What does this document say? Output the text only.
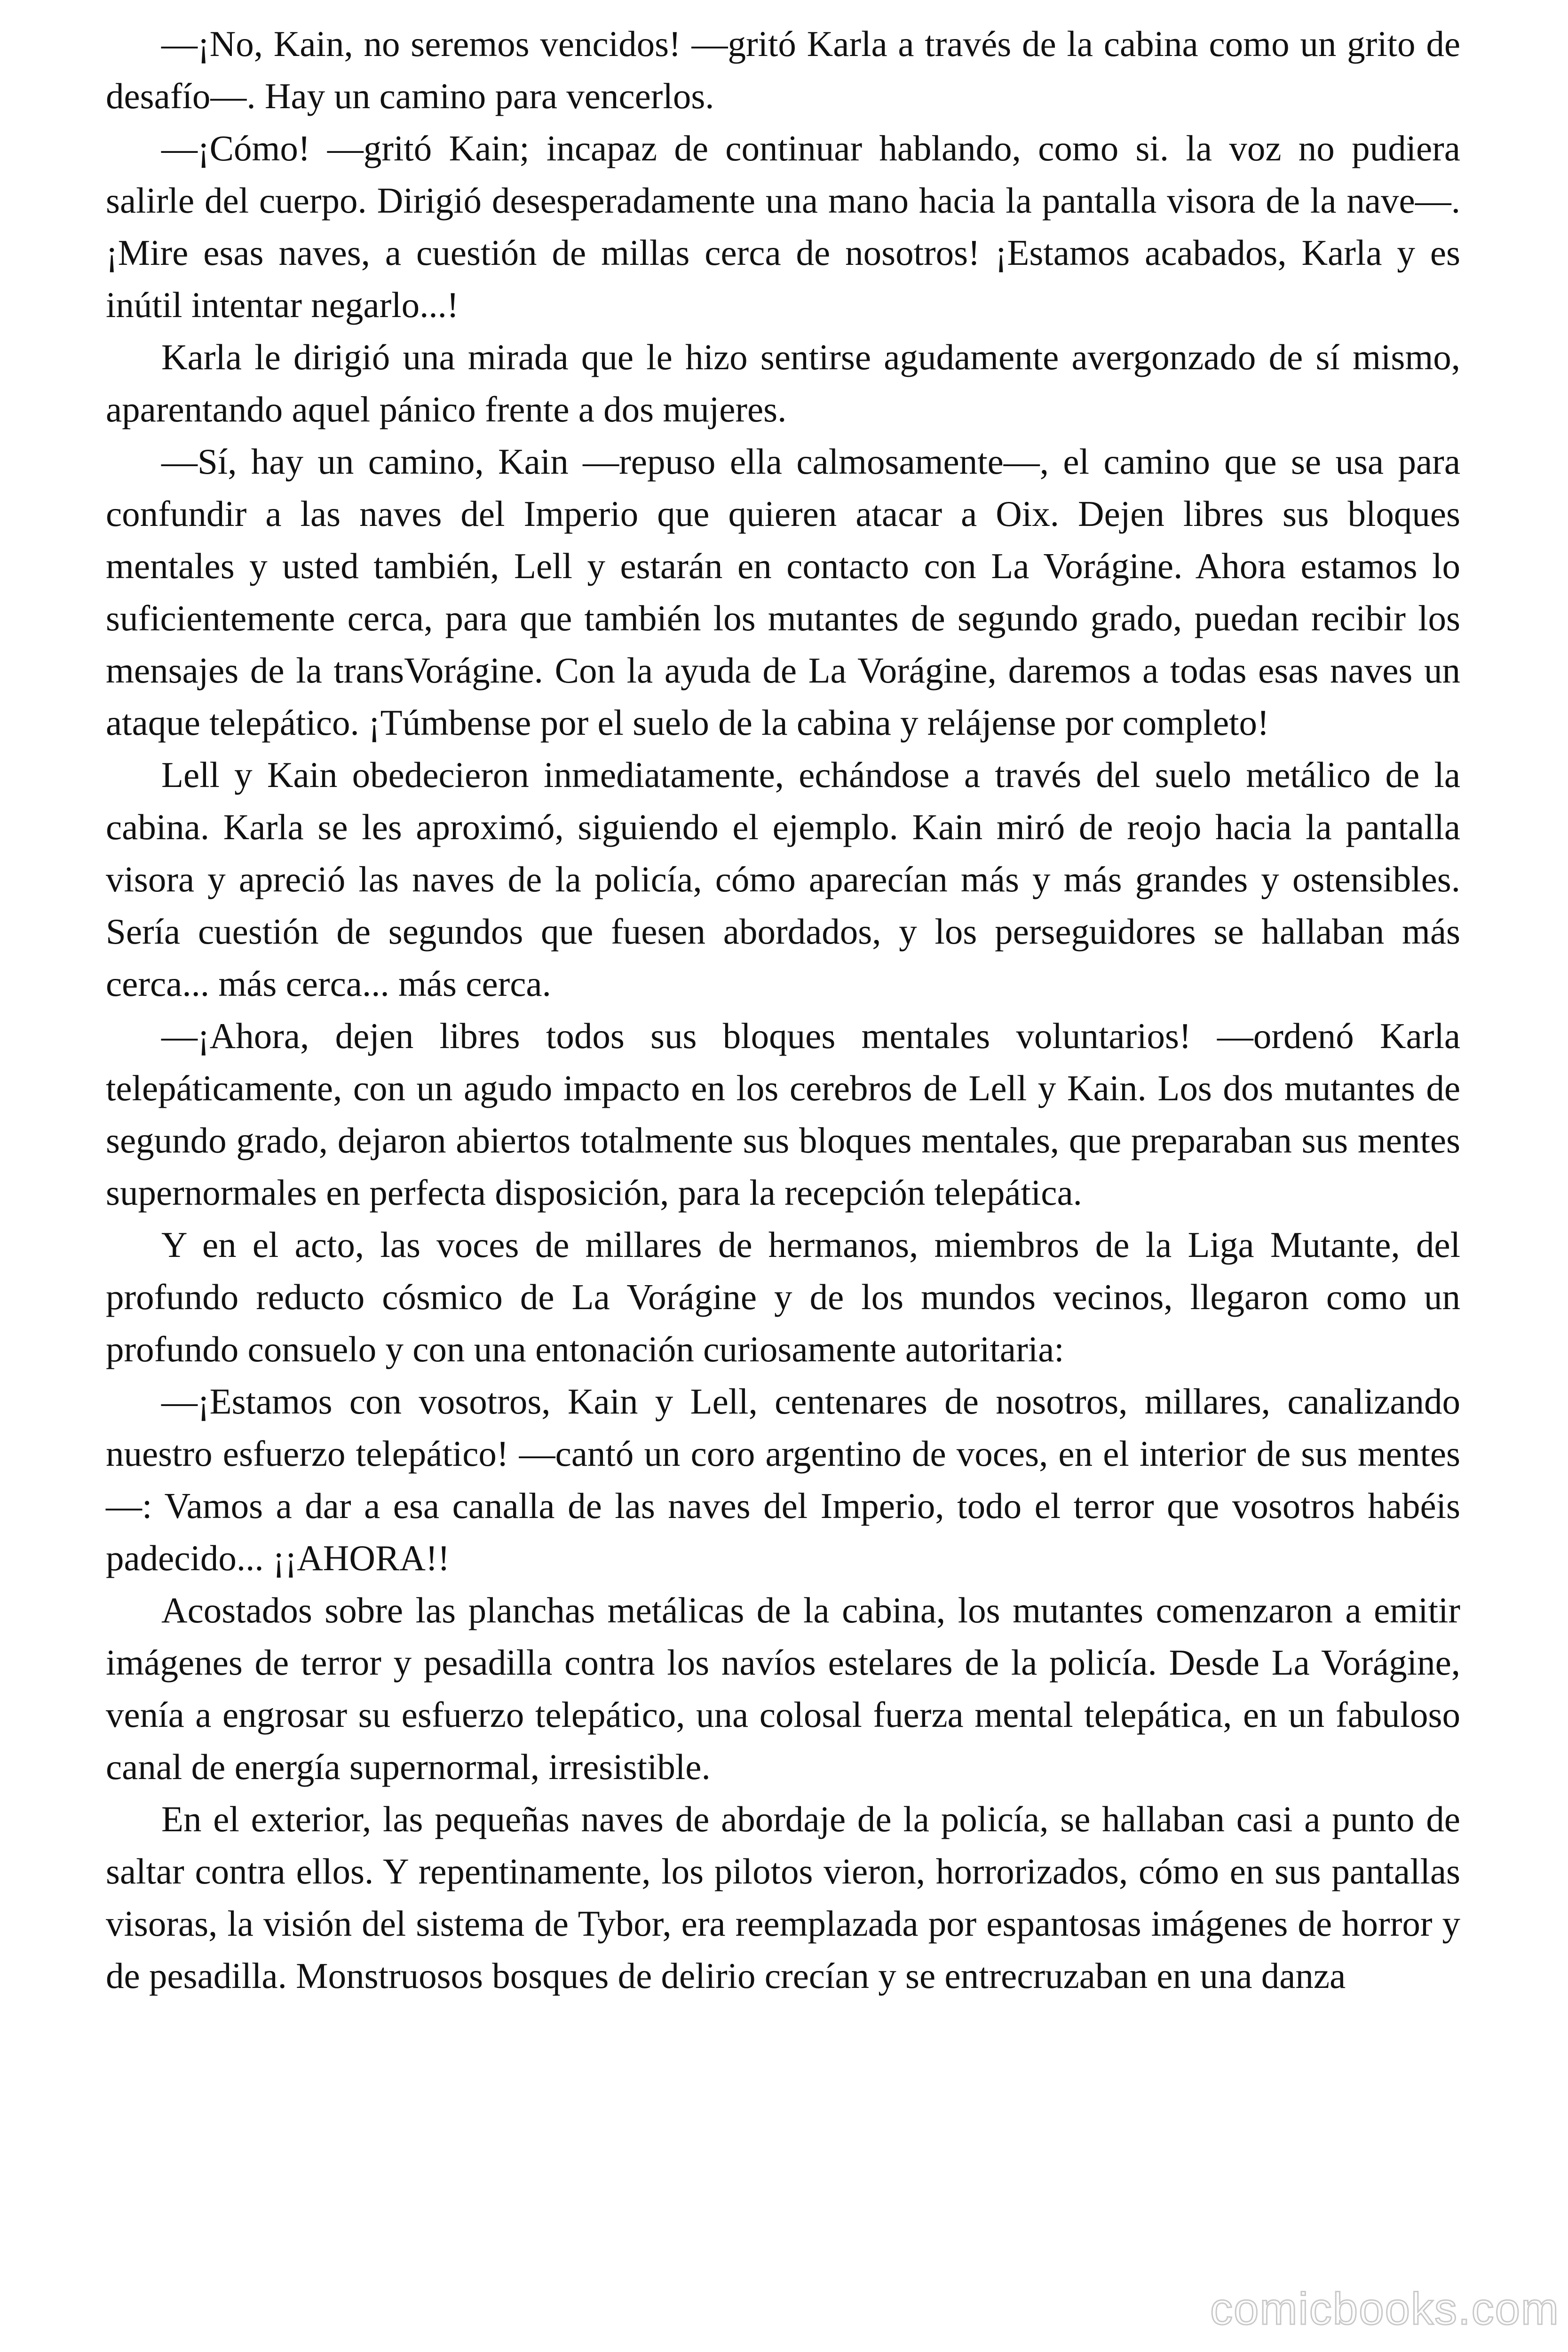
—¡No, Kain, no seremos vencidos! —gritó Karla a través de la cabina como un grito de desafío—. Hay un camino para vencerlos.

—¡Cómo! —gritó Kain; incapaz de continuar hablando, como si. la voz no pudiera salirle del cuerpo. Dirigió desesperadamente una mano hacia la pantalla visora de la nave—. ¡Mire esas naves, a cuestión de millas cerca de nosotros! ¡Estamos acabados, Karla y es inútil intentar negarlo...!

Karla le dirigió una mirada que le hizo sentirse agudamente avergonzado de sí mismo, aparentando aquel pánico frente a dos mujeres.

—Sí, hay un camino, Kain —repuso ella calmosamente—, el camino que se usa para confundir a las naves del Imperio que quieren atacar a Oix. Dejen libres sus bloques mentales y usted también, Lell y estarán en contacto con La Vorágine. Ahora estamos lo suficientemente cerca, para que también los mutantes de segundo grado, puedan recibir los mensajes de la transVorágine. Con la ayuda de La Vorágine, daremos a todas esas naves un ataque telepático. ¡Túmbense por el suelo de la cabina y relájense por completo!

Lell y Kain obedecieron inmediatamente, echándose a través del suelo metálico de la cabina. Karla se les aproximó, siguiendo el ejemplo. Kain miró de reojo hacia la pantalla visora y apreció las naves de la policía, cómo aparecían más y más grandes y ostensibles. Sería cuestión de segundos que fuesen abordados, y los perseguidores se hallaban más cerca... más cerca... más cerca.

—¡Ahora, dejen libres todos sus bloques mentales voluntarios! —ordenó Karla telepáticamente, con un agudo impacto en los cerebros de Lell y Kain. Los dos mutantes de segundo grado, dejaron abiertos totalmente sus bloques mentales, que preparaban sus mentes supernormales en perfecta disposición, para la recepción telepática.

Y en el acto, las voces de millares de hermanos, miembros de la Liga Mutante, del profundo reducto cósmico de La Vorágine y de los mundos vecinos, llegaron como un profundo consuelo y con una entonación curiosamente autoritaria:

—¡Estamos con vosotros, Kain y Lell, centenares de nosotros, millares, canalizando nuestro esfuerzo telepático! —cantó un coro argentino de voces, en el interior de sus mentes—: Vamos a dar a esa canalla de las naves del Imperio, todo el terror que vosotros habéis padecido... ¡¡AHORA!!

Acostados sobre las planchas metálicas de la cabina, los mutantes comenzaron a emitir imágenes de terror y pesadilla contra los navíos estelares de la policía. Desde La Vorágine, venía a engrosar su esfuerzo telepático, una colosal fuerza mental telepática, en un fabuloso canal de energía supernormal, irresistible.

En el exterior, las pequeñas naves de abordaje de la policía, se hallaban casi a punto de saltar contra ellos. Y repentinamente, los pilotos vieron, horrorizados, cómo en sus pantallas visoras, la visión del sistema de Tybor, era reemplazada por espantosas imágenes de horror y de pesadilla. Monstruosos bosques de delirio crecían y se entrecruzaban en una danza

comicbooks.com
